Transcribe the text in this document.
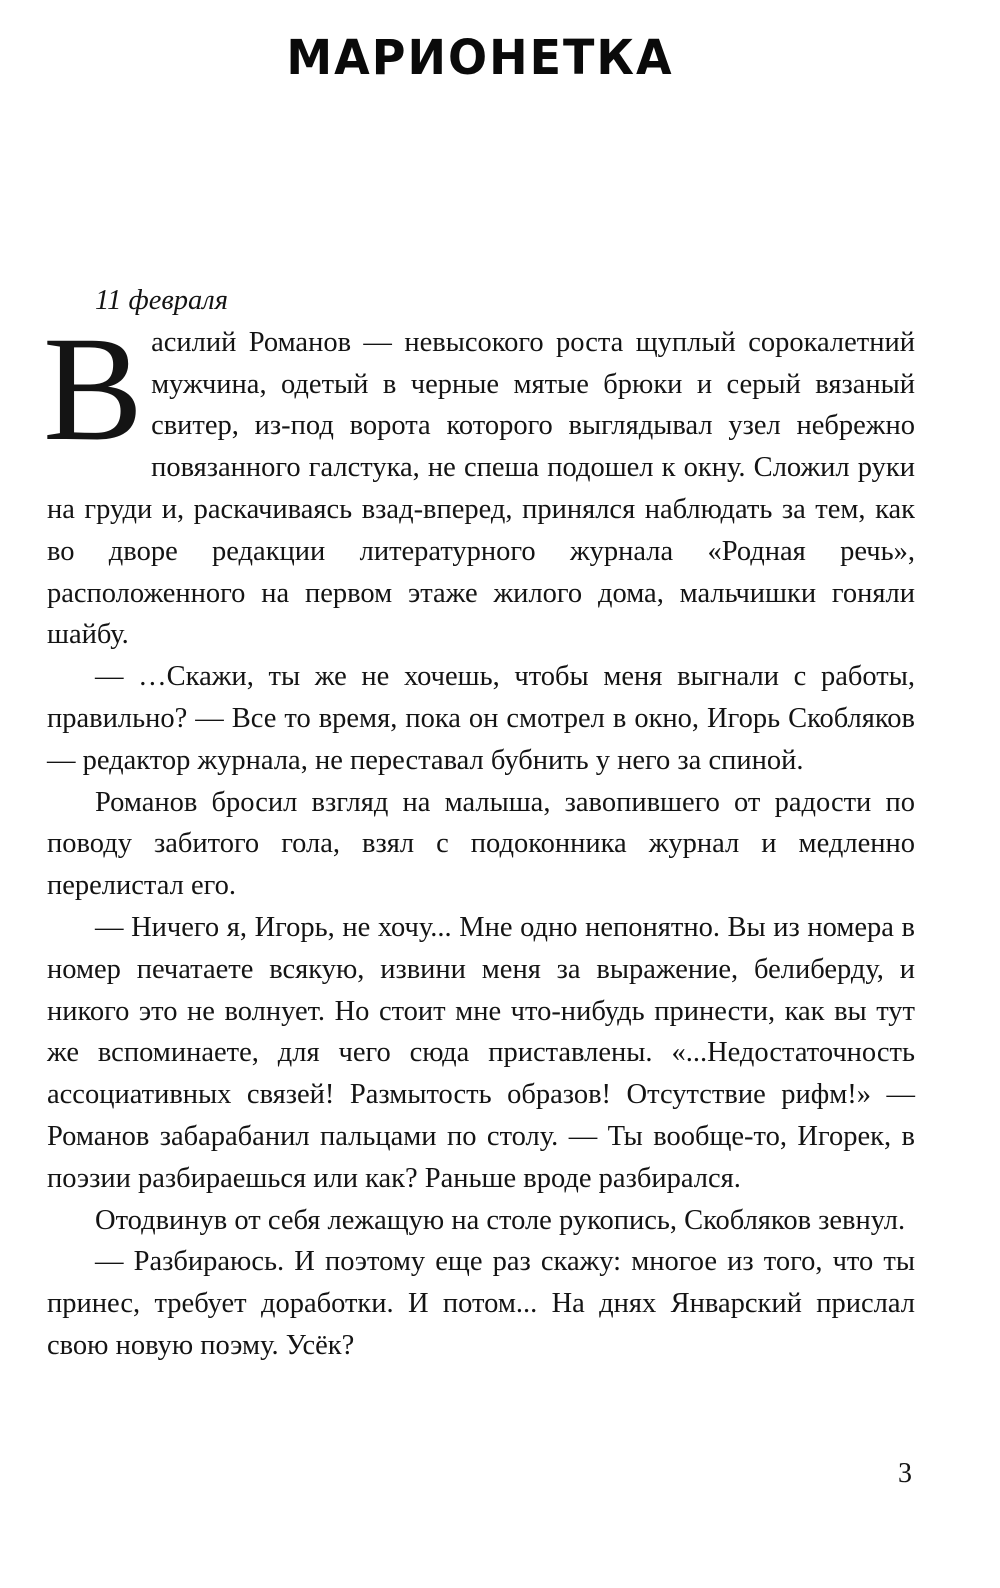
МАРИОНЕТКА

11 февраля

Василий Романов — невысокого роста щуплый сорокалетний мужчина, одетый в черные мятые брюки и серый вязаный свитер, из-под ворота которого выглядывал узел небрежно повязанного галстука, не спеша подошел к окну. Сложил руки на груди и, раскачиваясь взад-вперед, принялся наблюдать за тем, как во дворе редакции литературного журнала «Родная речь», расположенного на первом этаже жилого дома, мальчишки гоняли шайбу.

— …Скажи, ты же не хочешь, чтобы меня выгнали с работы, правильно? — Все то время, пока он смотрел в окно, Игорь Скобляков — редактор журнала, не переставал бубнить у него за спиной.

Романов бросил взгляд на малыша, завопившего от радости по поводу забитого гола, взял с подоконника журнал и медленно перелистал его.

— Ничего я, Игорь, не хочу... Мне одно непонятно. Вы из номера в номер печатаете всякую, извини меня за выражение, белиберду, и никого это не волнует. Но стоит мне что-нибудь принести, как вы тут же вспоминаете, для чего сюда приставлены. «...Недостаточность ассоциативных связей! Размытость образов! Отсутствие рифм!» — Романов забарабанил пальцами по столу. — Ты вообще-то, Игорек, в поэзии разбираешься или как? Раньше вроде разбирался.

Отодвинув от себя лежащую на столе рукопись, Скобляков зевнул.

— Разбираюсь. И поэтому еще раз скажу: многое из того, что ты принес, требует доработки. И потом... На днях Январский прислал свою новую поэму. Усёк?

3
